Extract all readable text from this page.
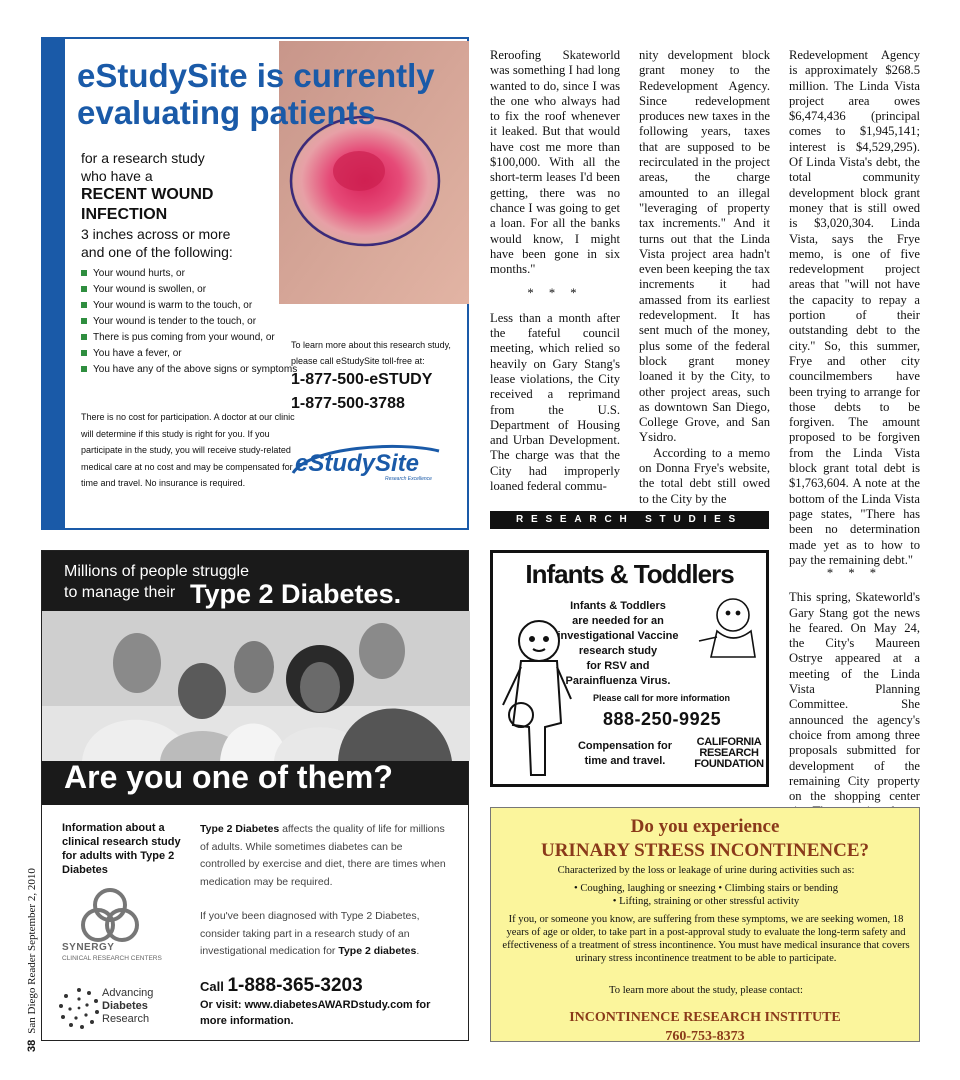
38San Diego Reader September 2, 2010
eStudySite is currently evaluating patients
for a research study
who have a
RECENT WOUND
INFECTION
3 inches across or more
and one of the following:
Your wound hurts, or
Your wound is swollen, or
Your wound is warm to the touch, or
Your wound is tender to the touch, or
There is pus coming from your wound, or
You have a fever, or
You have any of the above signs or symptoms
There is no cost for participation. A doctor at our clinic will determine if this study is right for you. If you participate in the study, you will receive study-related medical care at no cost and may be compensated for time and travel. No insurance is required.
To learn more about this research study, please call eStudySite toll-free at:
1-877-500-eSTUDY
1-877-500-3788
eStudySite
Research Excellence
Millions of people struggle
to manage their Type 2 Diabetes.
Are you one of them?
Information about a clinical research study for adults with Type 2 Diabetes
SYNERGY
CLINICAL RESEARCH CENTERS
Advancing
Diabetes
Research

Type 2 Diabetes affects the quality of life for millions of adults. While sometimes diabetes can be controlled by exercise and diet, there are times when medication may be required.

If you've been diagnosed with Type 2 Diabetes, consider taking part in a research study of an investigational medication for Type 2 diabetes.

Call 1-888-365-3203
Or visit: www.diabetesAWARDstudy.com for more information.

Reroofing Skateworld was something I had long wanted to do, since I was the one who always had to fix the roof whenever it leaked. But that would have cost me more than $100,000. With all the short-term leases I'd been getting, there was no chance I was going to get a loan. For all the banks would know, I might have been gone in six months."

* * *

Less than a month after the fateful council meeting, which relied so heavily on Gary Stang's lease violations, the City received a reprimand from the U.S. Department of Housing and Urban Development. The charge was that the City had improperly loaned federal commu-

nity development block grant money to the Redevelopment Agency. Since redevelopment produces new taxes in the following years, taxes that are supposed to be recirculated in the project areas, the charge amounted to an illegal "leveraging of property tax increments." And it turns out that the Linda Vista project area hadn't even been keeping the tax increments it had amassed from its earliest redevelopment. It has sent much of the money, plus some of the federal block grant money loaned it by the City, to other project areas, such as downtown San Diego, College Grove, and San Ysidro.

According to a memo on Donna Frye's website, the total debt still owed to the City by the

Redevelopment Agency is approximately $268.5 million. The Linda Vista project area owes $6,474,436 (principal comes to $1,945,141; interest is $4,529,295). Of Linda Vista's debt, the total community development block grant money that is still owed is $3,020,304. Linda Vista, says the Frye memo, is one of five redevelopment project areas that "will not have the capacity to repay a portion of their outstanding debt to the city." So, this summer, Frye and other city councilmembers have been trying to arrange for those debts to be forgiven. The amount proposed to be forgiven from the Linda Vista block grant total debt is $1,763,604. A note at the bottom of the Linda Vista page states, "There has been no determination made yet as to how to pay the remaining debt."

* * *

This spring, Skateworld's Gary Stang got the news he feared. On May 24, the City's Maureen Ostrye appeared at a meeting of the Linda Vista Planning Committee. She announced the agency's choice from among three proposals submitted for development of the remaining City property on the shopping center

RESEARCH STUDIES
Infants & Toddlers
Infants & Toddlers
are needed for an
investigational Vaccine
research study
for RSV and
Parainfluenza Virus.
Please call for more information
888-250-9925
Compensation for
time and travel.
CALIFORNIA
RESEARCH
FOUNDATION
Do you experience
URINARY STRESS INCONTINENCE?
Characterized by the loss or leakage of urine during activities such as:
• Coughing, laughing or sneezing • Climbing stairs or bending
• Lifting, straining or other stressful activity
If you, or someone you know, are suffering from these symptoms, we are seeking women, 18 years of age or older, to take part in a post-approval study to evaluate the long-term safety and effectiveness of a treatment of stress incontinence. You must have medical insurance that covers urinary stress incontinence treatment to be able to participate.
To learn more about the study, please contact:
INCONTINENCE RESEARCH INSTITUTE
760-753-8373
